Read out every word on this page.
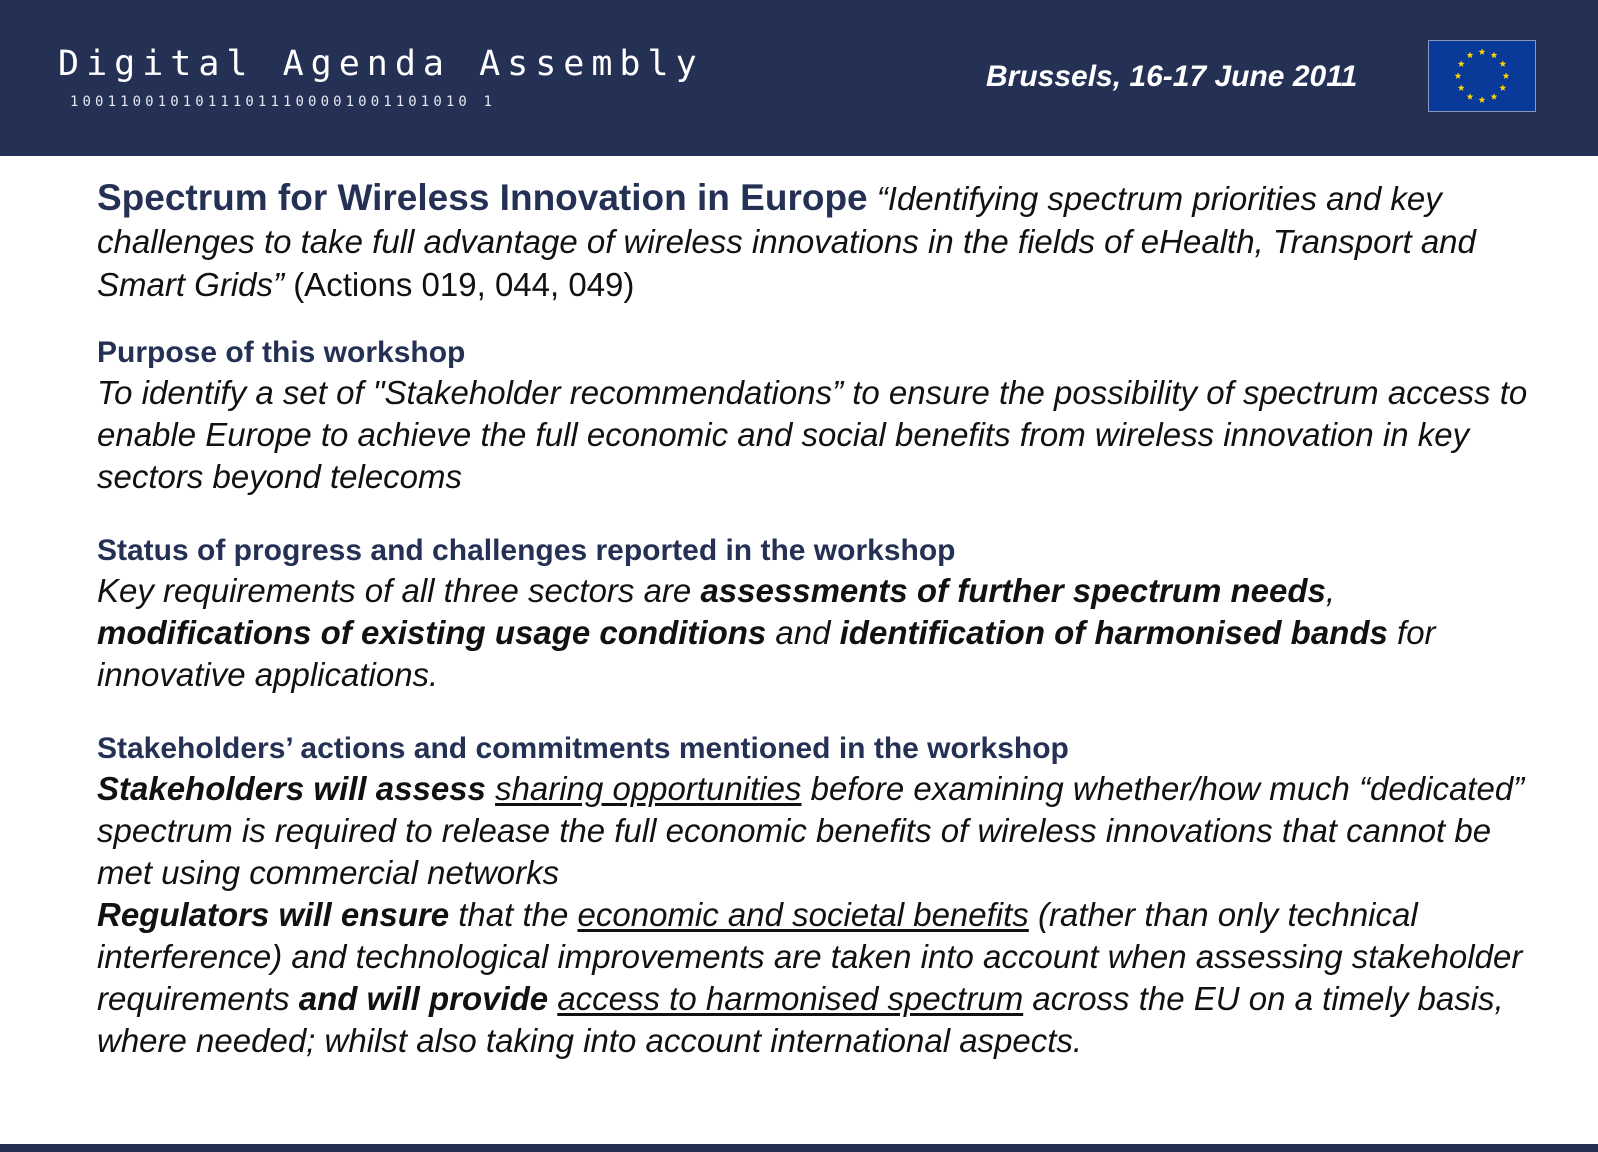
Digital Agenda Assembly
10011001010111011100001001101010 1
Brussels, 16-17 June 2011

Spectrum for Wireless Innovation in Europe “Identifying spectrum priorities and key challenges to take full advantage of wireless innovations in the fields of eHealth, Transport and Smart Grids” (Actions 019, 044, 049)

Purpose of this workshop

To identify a set of "Stakeholder recommendations” to ensure the possibility of spectrum access to enable Europe to achieve the full economic and social benefits from wireless innovation in key sectors beyond telecoms

Status of progress and challenges reported in the workshop

Key requirements of all three sectors are assessments of further spectrum needs, modifications of existing usage conditions and identification of harmonised bands for innovative applications.

Stakeholders’ actions and commitments mentioned in the workshop

Stakeholders will assess sharing opportunities before examining whether/how much “dedicated” spectrum is required to release the full economic benefits of wireless innovations that cannot be met using commercial networks

Regulators will ensure that the economic and societal benefits (rather than only technical interference) and technological improvements are taken into account when assessing stakeholder requirements and will provide access to harmonised spectrum across the EU on a timely basis, where needed; whilst also taking into account international aspects.
